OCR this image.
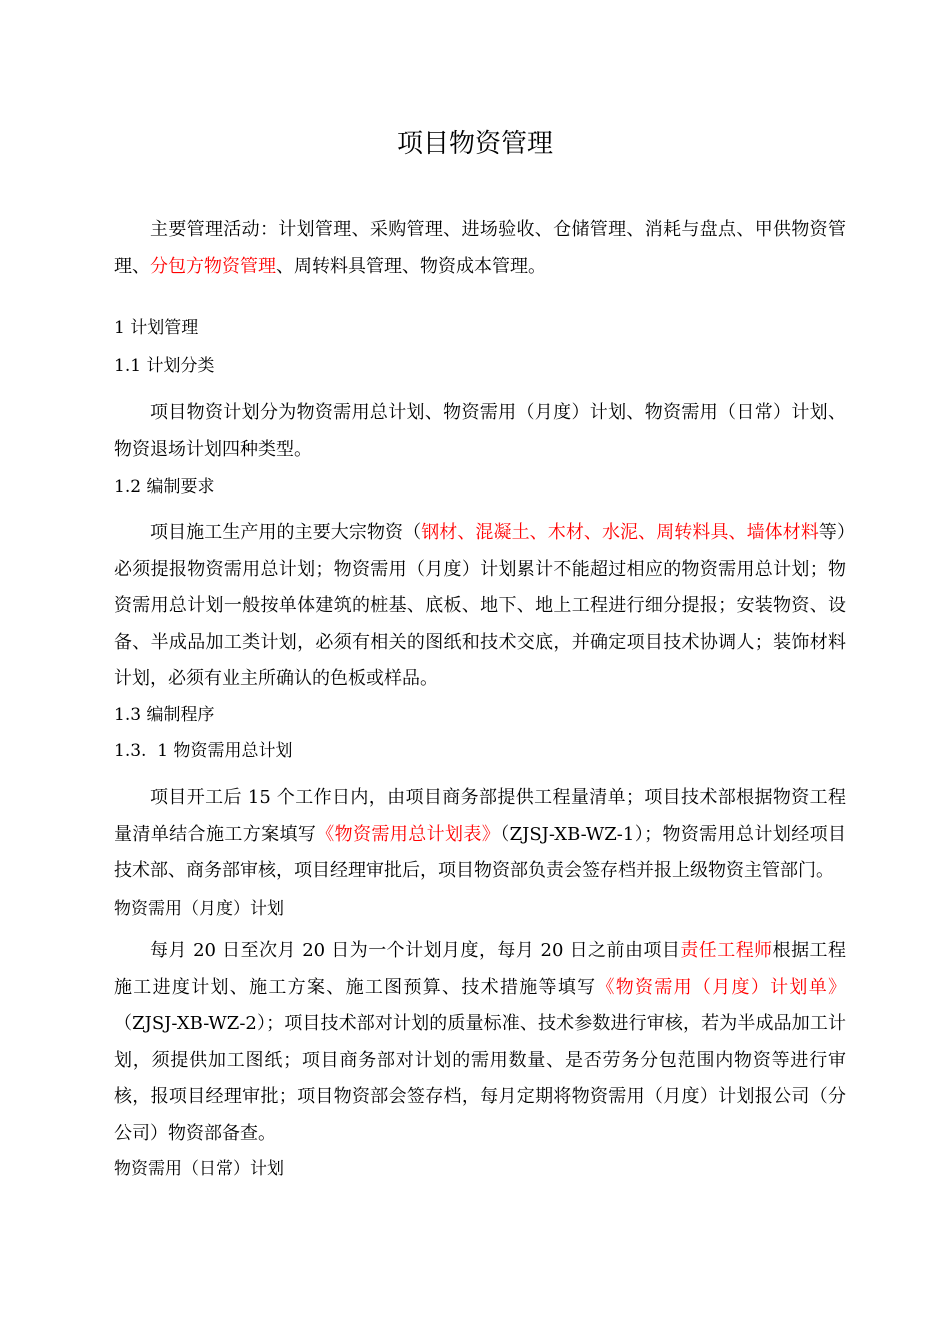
项目物资管理

主要管理活动：计划管理、采购管理、进场验收、仓储管理、消耗与盘点、甲供物资管理、分包方物资管理、周转料具管理、物资成本管理。

1 计划管理
1.1 计划分类

项目物资计划分为物资需用总计划、物资需用（月度）计划、物资需用（日常）计划、物资退场计划四种类型。

1.2 编制要求

项目施工生产用的主要大宗物资（钢材、混凝土、木材、水泥、周转料具、墙体材料等）必须提报物资需用总计划；物资需用（月度）计划累计不能超过相应的物资需用总计划；物资需用总计划一般按单体建筑的桩基、底板、地下、地上工程进行细分提报；安装物资、设备、半成品加工类计划，必须有相关的图纸和技术交底，并确定项目技术协调人；装饰材料计划，必须有业主所确认的色板或样品。

1.3 编制程序
1.3.  1 物资需用总计划

项目开工后 15 个工作日内，由项目商务部提供工程量清单；项目技术部根据物资工程量清单结合施工方案填写《物资需用总计划表》（ZJSJ-XB-WZ-1）；物资需用总计划经项目技术部、商务部审核，项目经理审批后，项目物资部负责会签存档并报上级物资主管部门。

物资需用（月度）计划

每月 20 日至次月 20 日为一个计划月度，每月 20 日之前由项目责任工程师根据工程施工进度计划、施工方案、施工图预算、技术措施等填写《物资需用（月度）计划单》（ZJSJ-XB-WZ-2）；项目技术部对计划的质量标准、技术参数进行审核，若为半成品加工计划，须提供加工图纸；项目商务部对计划的需用数量、是否劳务分包范围内物资等进行审核，报项目经理审批；项目物资部会签存档，每月定期将物资需用（月度）计划报公司（分公司）物资部备查。

物资需用（日常）计划
